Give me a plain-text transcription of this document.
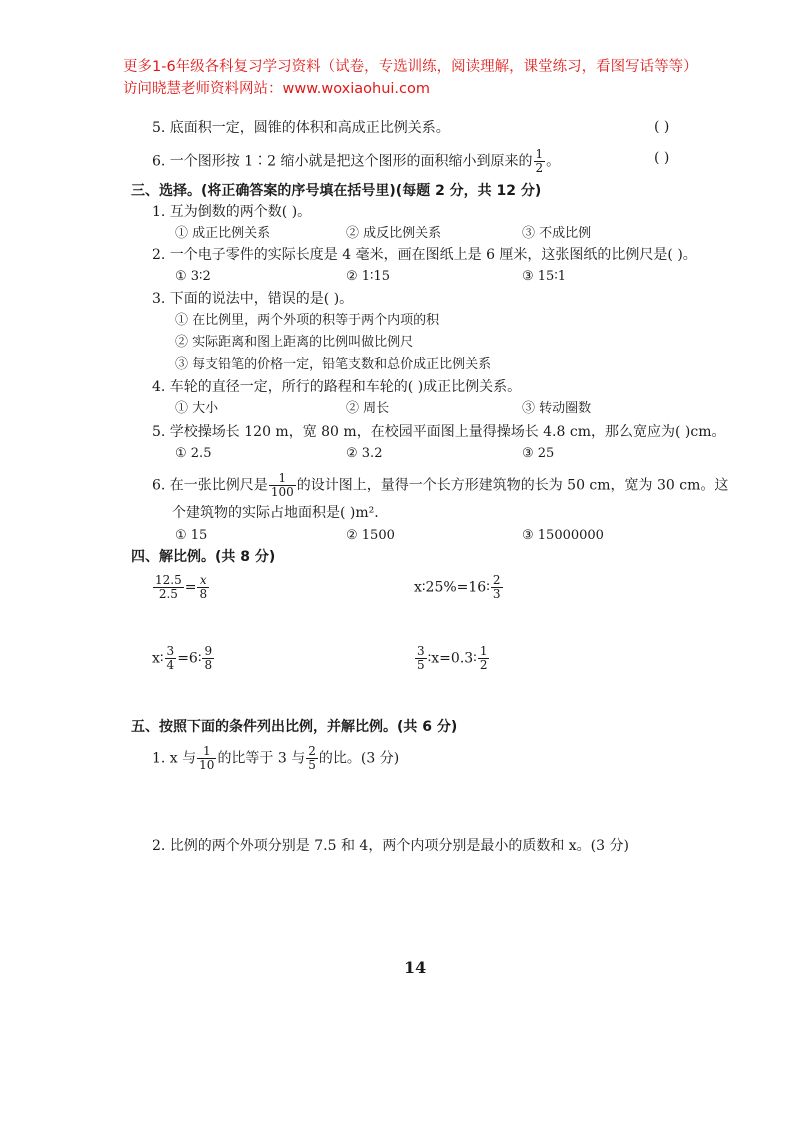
更多1-6年级各科复习学习资料（试卷，专选训练，阅读理解，课堂练习，看图写话等等）访问晓慧老师资料网站：www.woxiaohui.com
5. 底面积一定，圆锥的体积和高成正比例关系。	( )
6. 一个图形按 1∶2 缩小就是把这个图形的面积缩小到原来的 $\frac{1}{2}$ 。	( )
三、选择。(将正确答案的序号填在括号里)(每题 2 分，共 12 分)
1. 互为倒数的两个数( )。
① 成正比例关系	② 成反比例关系	③ 不成比例
2. 一个电子零件的实际长度是 4 毫米，画在图纸上是 6 厘米，这张图纸的比例尺是( )。
① 3∶2	② 1∶15	③ 15∶1
3. 下面的说法中，错误的是( )。
① 在比例里，两个外项的积等于两个内项的积
② 实际距离和图上距离的比例叫做比例尺
③ 每支铅笔的价格一定，铅笔支数和总价成正比例关系
4. 车轮的直径一定，所行的路程和车轮的( )成正比例关系。
① 大小	② 周长	③ 转动圈数
5. 学校操场长 120 m，宽 80 m，在校园平面图上量得操场长 4.8 cm，那么宽应为( )cm。
① 2.5	② 3.2	③ 25
6. 在一张比例尺是 $\frac{1}{100}$ 的设计图上，量得一个长方形建筑物的长为 50 cm，宽为 30 cm。这
个建筑物的实际占地面积是( )m².
① 15	② 1500	③ 15000000
四、解比例。(共 8 分)
$\frac{12.5}{2.5} = \frac{x}{8}$	x∶25%=16∶ $\frac{2}{3}$
x∶ $\frac{3}{4}$ =6∶ $\frac{9}{8}$	$\frac{3}{5}$ ∶x=0.3∶ $\frac{1}{2}$
五、按照下面的条件列出比例，并解比例。(共 6 分)
1. x 与 $\frac{1}{10}$ 的比等于 3 与 $\frac{2}{5}$ 的比。(3 分)
2. 比例的两个外项分别是 7.5 和 4，两个内项分别是最小的质数和 x。(3 分)
14
